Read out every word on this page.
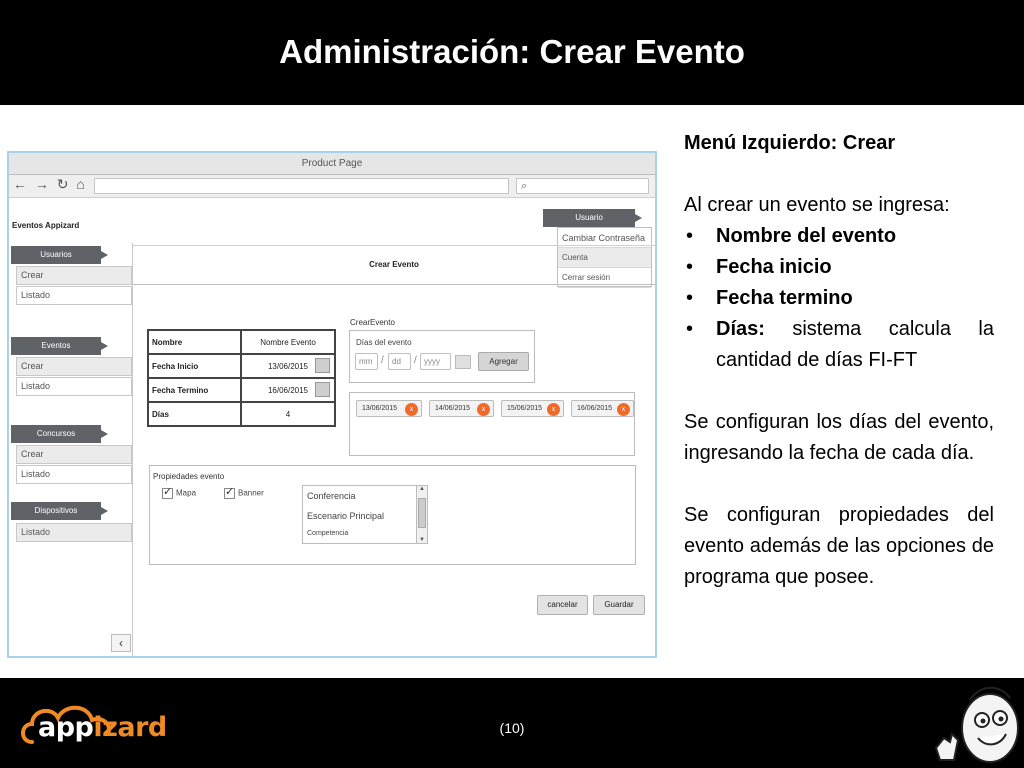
Administración: Crear Evento
Product Page
← → ↻ ⌂	⌕
Eventos Appizard
Usuario
Cambiar Contraseña
Cuenta
Cerrar sesión
Usuarios
Crear
Listado
Eventos
Crear
Listado
Concursos
Crear
Listado
Dispositivos
Listado
‹
Crear Evento
Nombre	Nombre Evento
Fecha Inicio	13/06/2015

Fecha Termino	16/06/2015

Días	4
CrearEvento
Días del evento
mm /	dd	/ yyyy	Agregar
13/06/2015	x	14/06/2015	x	15/06/2015	x	16/06/2015	x
Propiedades evento
✓Mapa ✓	Banner	Conferencia
Escenario Principal
Competencia
▲
▼
cancelar	Guardar
Menú Izquierdo: Crear
Al crear un evento se ingresa:
• Nombre del evento
• Fecha inicio
• Fecha termino
• Días: sistema calcula la cantidad de días FI-FT
Se configuran los días del evento, ingresando la fecha de cada día.
Se configuran propiedades del evento además de las opciones de programa que posee.
(10)
appizard
